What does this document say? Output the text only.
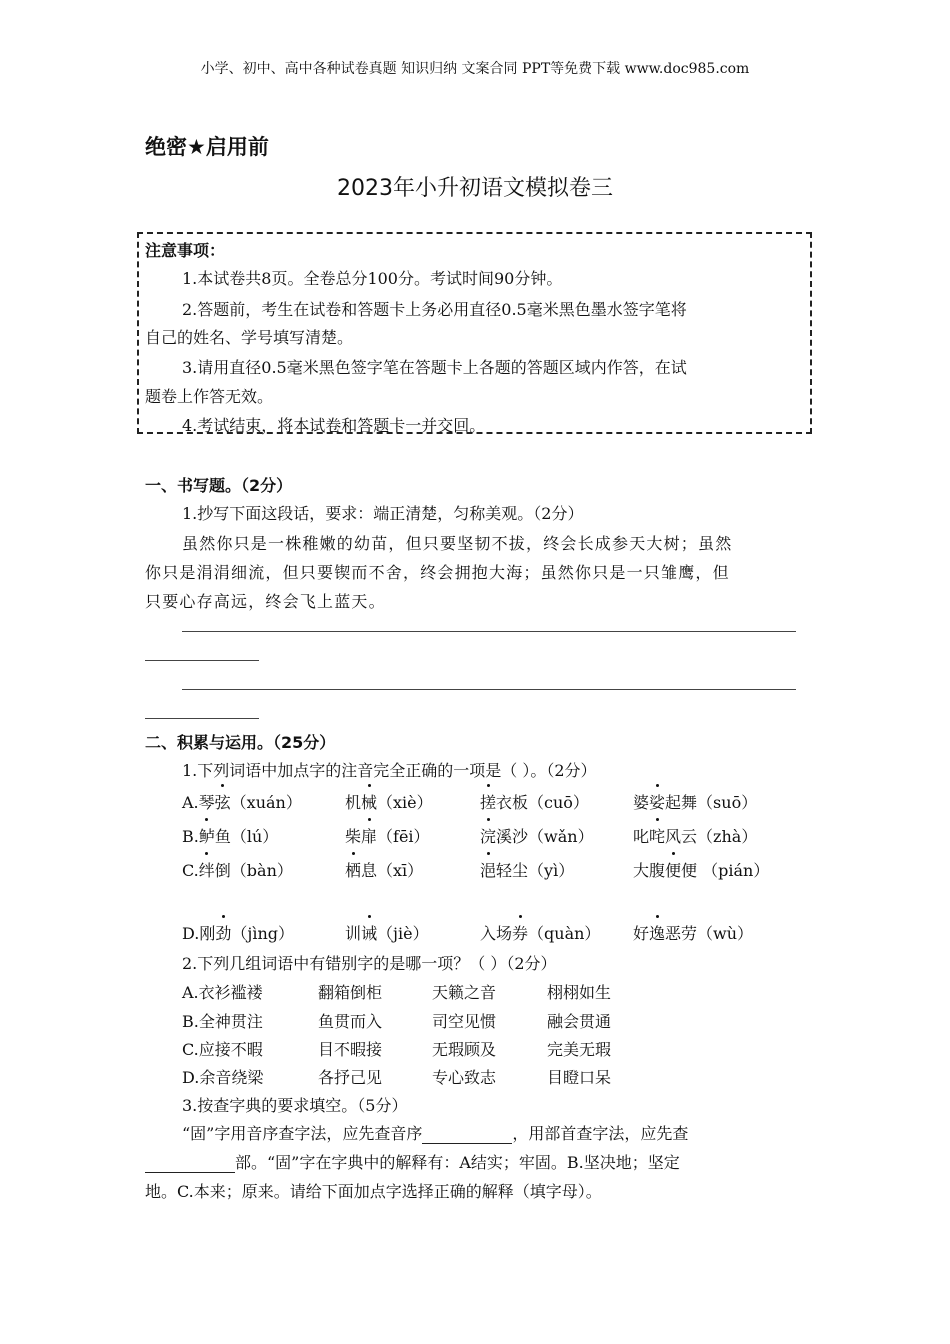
小学、初中、高中各种试卷真题 知识归纳 文案合同 PPT等免费下载 www.doc985.com
绝密★启用前
2023年小升初语文模拟卷三
注意事项：
1.本试卷共8页。全卷总分100分。考试时间90分钟。
2.答题前，考生在试卷和答题卡上务必用直径0.5毫米黑色墨水签字笔将
自己的姓名、学号填写清楚。
3.请用直径0.5毫米黑色签字笔在答题卡上各题的答题区域内作答，在试
题卷上作答无效。
4.考试结束，将本试卷和答题卡一并交回。
一、书写题。（2分）
1.抄写下面这段话，要求：端正清楚，匀称美观。（2分）
虽然你只是一株稚嫩的幼苗，但只要坚韧不拔，终会长成参天大树；虽然
你只是涓涓细流，但只要锲而不舍，终会拥抱大海；虽然你只是一只雏鹰，但
只要心存高远，终会飞上蓝天。
二、积累与运用。（25分）
1.下列词语中加点字的注音完全正确的一项是（ ）。（2分）
A.琴弦（xuán）	机械（xiè）	搓衣板（cuō）	婆娑起舞（suō）
B.鲈鱼（lú）	柴扉（fēi）	浣溪沙（wǎn） 叱咤风云（zhà）
C.绊倒（bàn）	栖息（xī）	浥轻尘（yì）	大腹便便 （pián）
D.刚劲（jìng）	训诫（jiè）	入场券（quàn） 好逸恶劳（wù）
2.下列几组词语中有错别字的是哪一项？（ ）（2分）
A.衣衫褴褛	翻箱倒柜	天籁之音	栩栩如生
B.全神贯注	鱼贯而入	司空见惯	融会贯通
C.应接不暇	目不暇接	无瑕顾及	完美无瑕
D.余音绕梁	各抒己见	专心致志	目瞪口呆
3.按查字典的要求填空。（5分）
“固”字用音序查字法，应先查音序	，用部首查字法，应先查
部。“固”字在字典中的解释有：A结实；牢固。B.坚决地；坚定
地。C.本来；原来。请给下面加点字选择正确的解释（填字母）。
